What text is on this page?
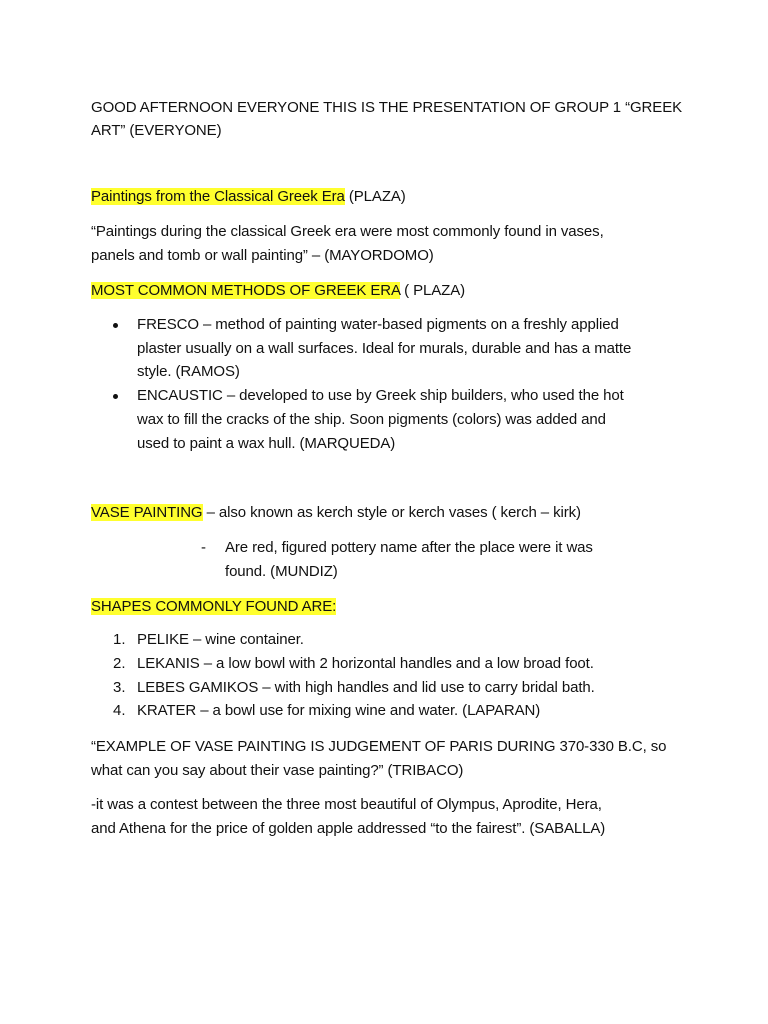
GOOD AFTERNOON EVERYONE THIS IS THE PRESENTATION OF GROUP 1 “GREEK
ART” (EVERYONE)
Paintings from the Classical Greek Era (PLAZA)
“Paintings during the classical Greek era were most commonly found in vases,
panels and tomb or wall painting” – (MAYORDOMO)
MOST COMMON METHODS OF GREEK ERA ( PLAZA)
FRESCO – method of painting water-based pigments on a freshly applied
plaster usually on a wall surfaces. Ideal for murals, durable and has a matte
style. (RAMOS)
ENCAUSTIC – developed to use by Greek ship builders, who used the hot
wax to fill the cracks of the ship. Soon pigments (colors) was added and
used to paint a wax hull. (MARQUEDA)
VASE PAINTING – also known as kerch style or kerch vases ( kerch – kirk)
- Are red, figured pottery name after the place were it was
found. (MUNDIZ)
SHAPES COMMONLY FOUND ARE:
1. PELIKE – wine container.
2. LEKANIS – a low bowl with 2 horizontal handles and a low broad foot.
3. LEBES GAMIKOS – with high handles and lid use to carry bridal bath.
4. KRATER – a bowl use for mixing wine and water. (LAPARAN)
“EXAMPLE OF VASE PAINTING IS JUDGEMENT OF PARIS DURING 370-330 B.C, so
what can you say about their vase painting?” (TRIBACO)
-it was a contest between the three most beautiful of Olympus, Aprodite, Hera,
and Athena for the price of golden apple addressed “to the fairest”. (SABALLA)
